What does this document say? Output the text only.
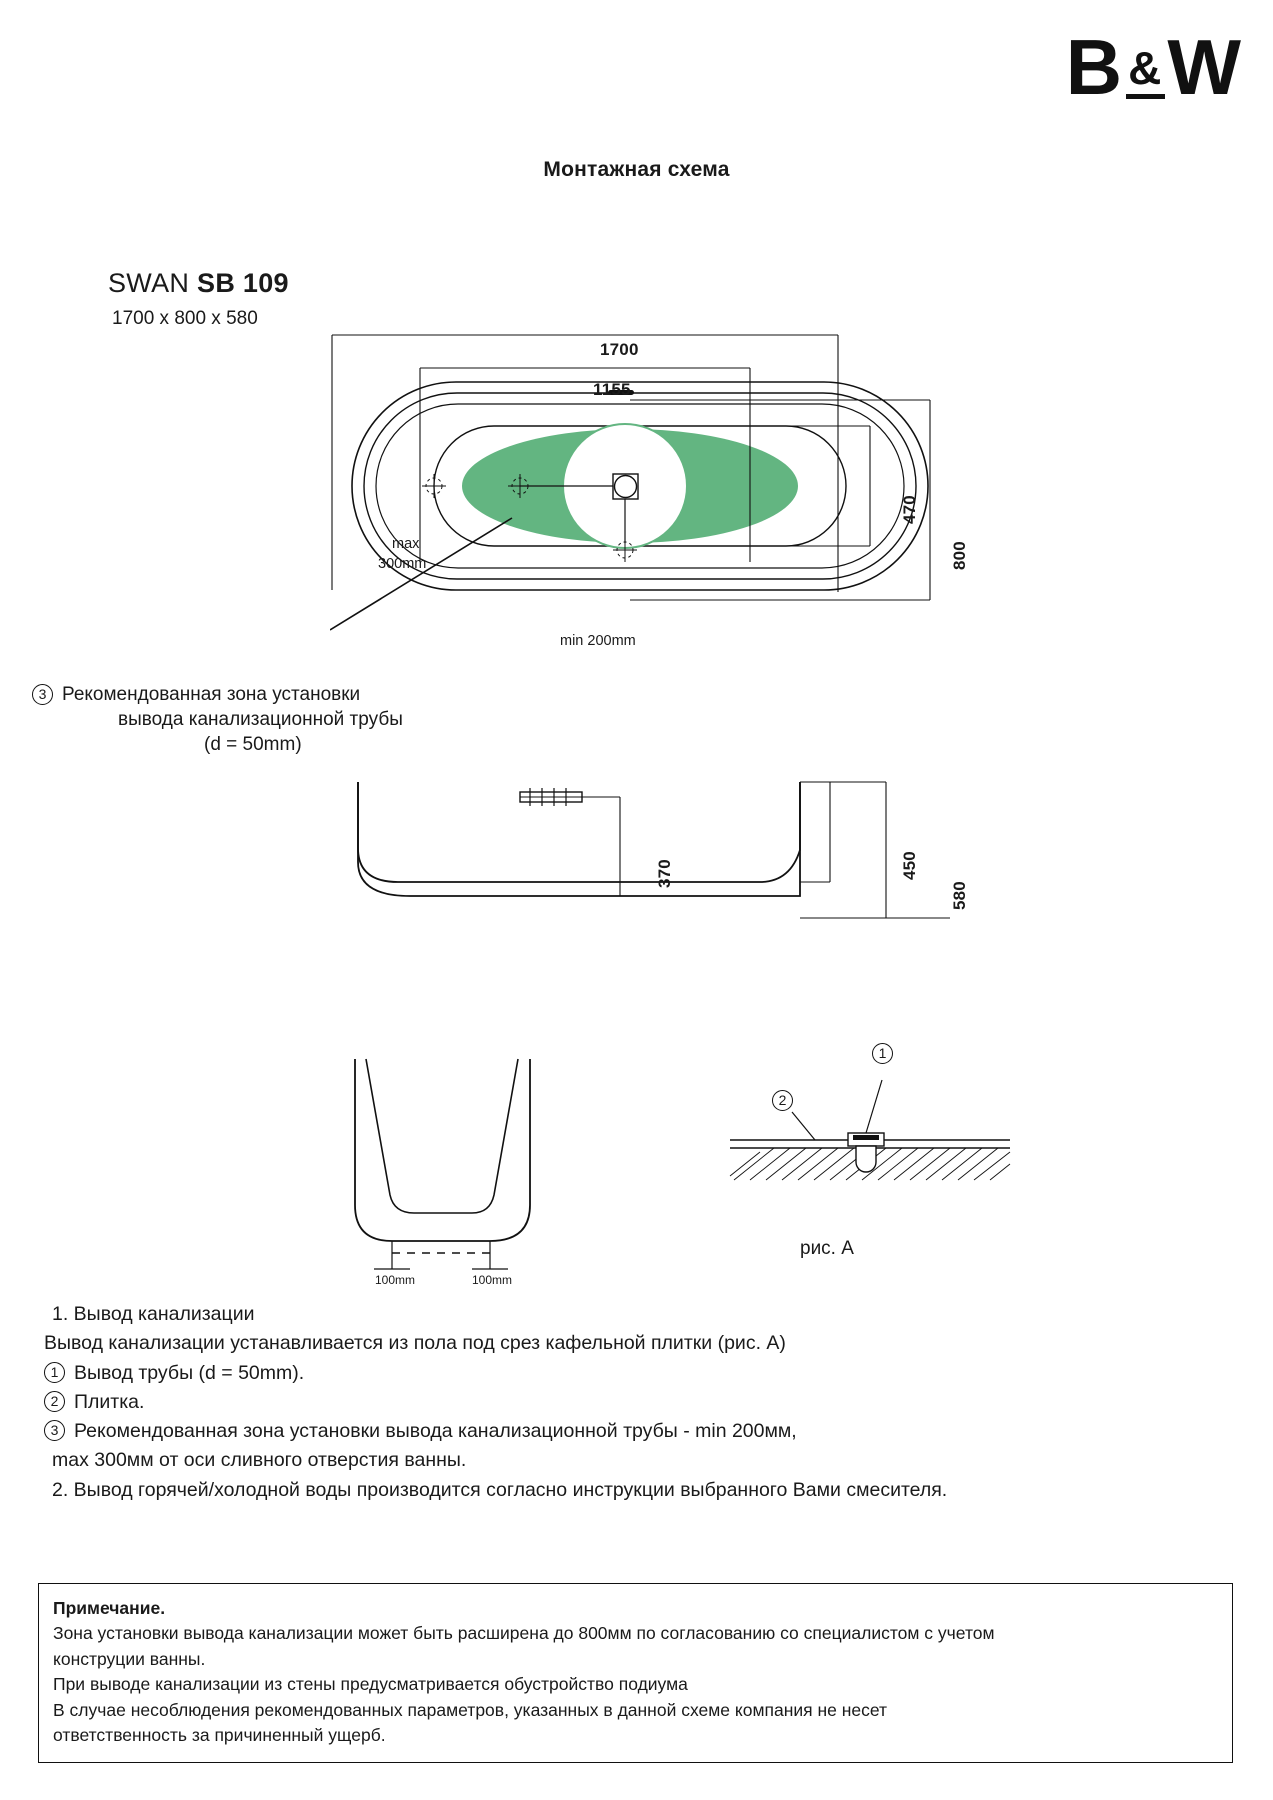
B&W
Монтажная схема
SWAN SB 109
1700 x 800 x 580
1700
1155
800
470
max
300mm
min 200mm
3 Рекомендованная зона установки
вывода канализационной трубы
(d = 50mm)
370	450
580
100mm	100mm
1
2
рис. A
1. Вывод канализации
Вывод канализации устанавливается из пола под срез кафельной плитки (рис. A)
1 Вывод трубы (d = 50mm).
2 Плитка.
3 Рекомендованная зона установки вывода канализационной трубы - min 200мм,
max 300мм от оси сливного отверстия ванны.
2. Вывод горячей/холодной воды производится согласно инструкции выбранного Вами смесителя.
Примечание.
Зона установки вывода канализации может быть расширена до 800мм по согласованию со специалистом с учетом
конструции ванны.
При выводе канализации из стены предусматривается обустройство подиума
В случае несоблюдения рекомендованных параметров, указанных в данной схеме компания не несет
ответственность за причиненный ущерб.
